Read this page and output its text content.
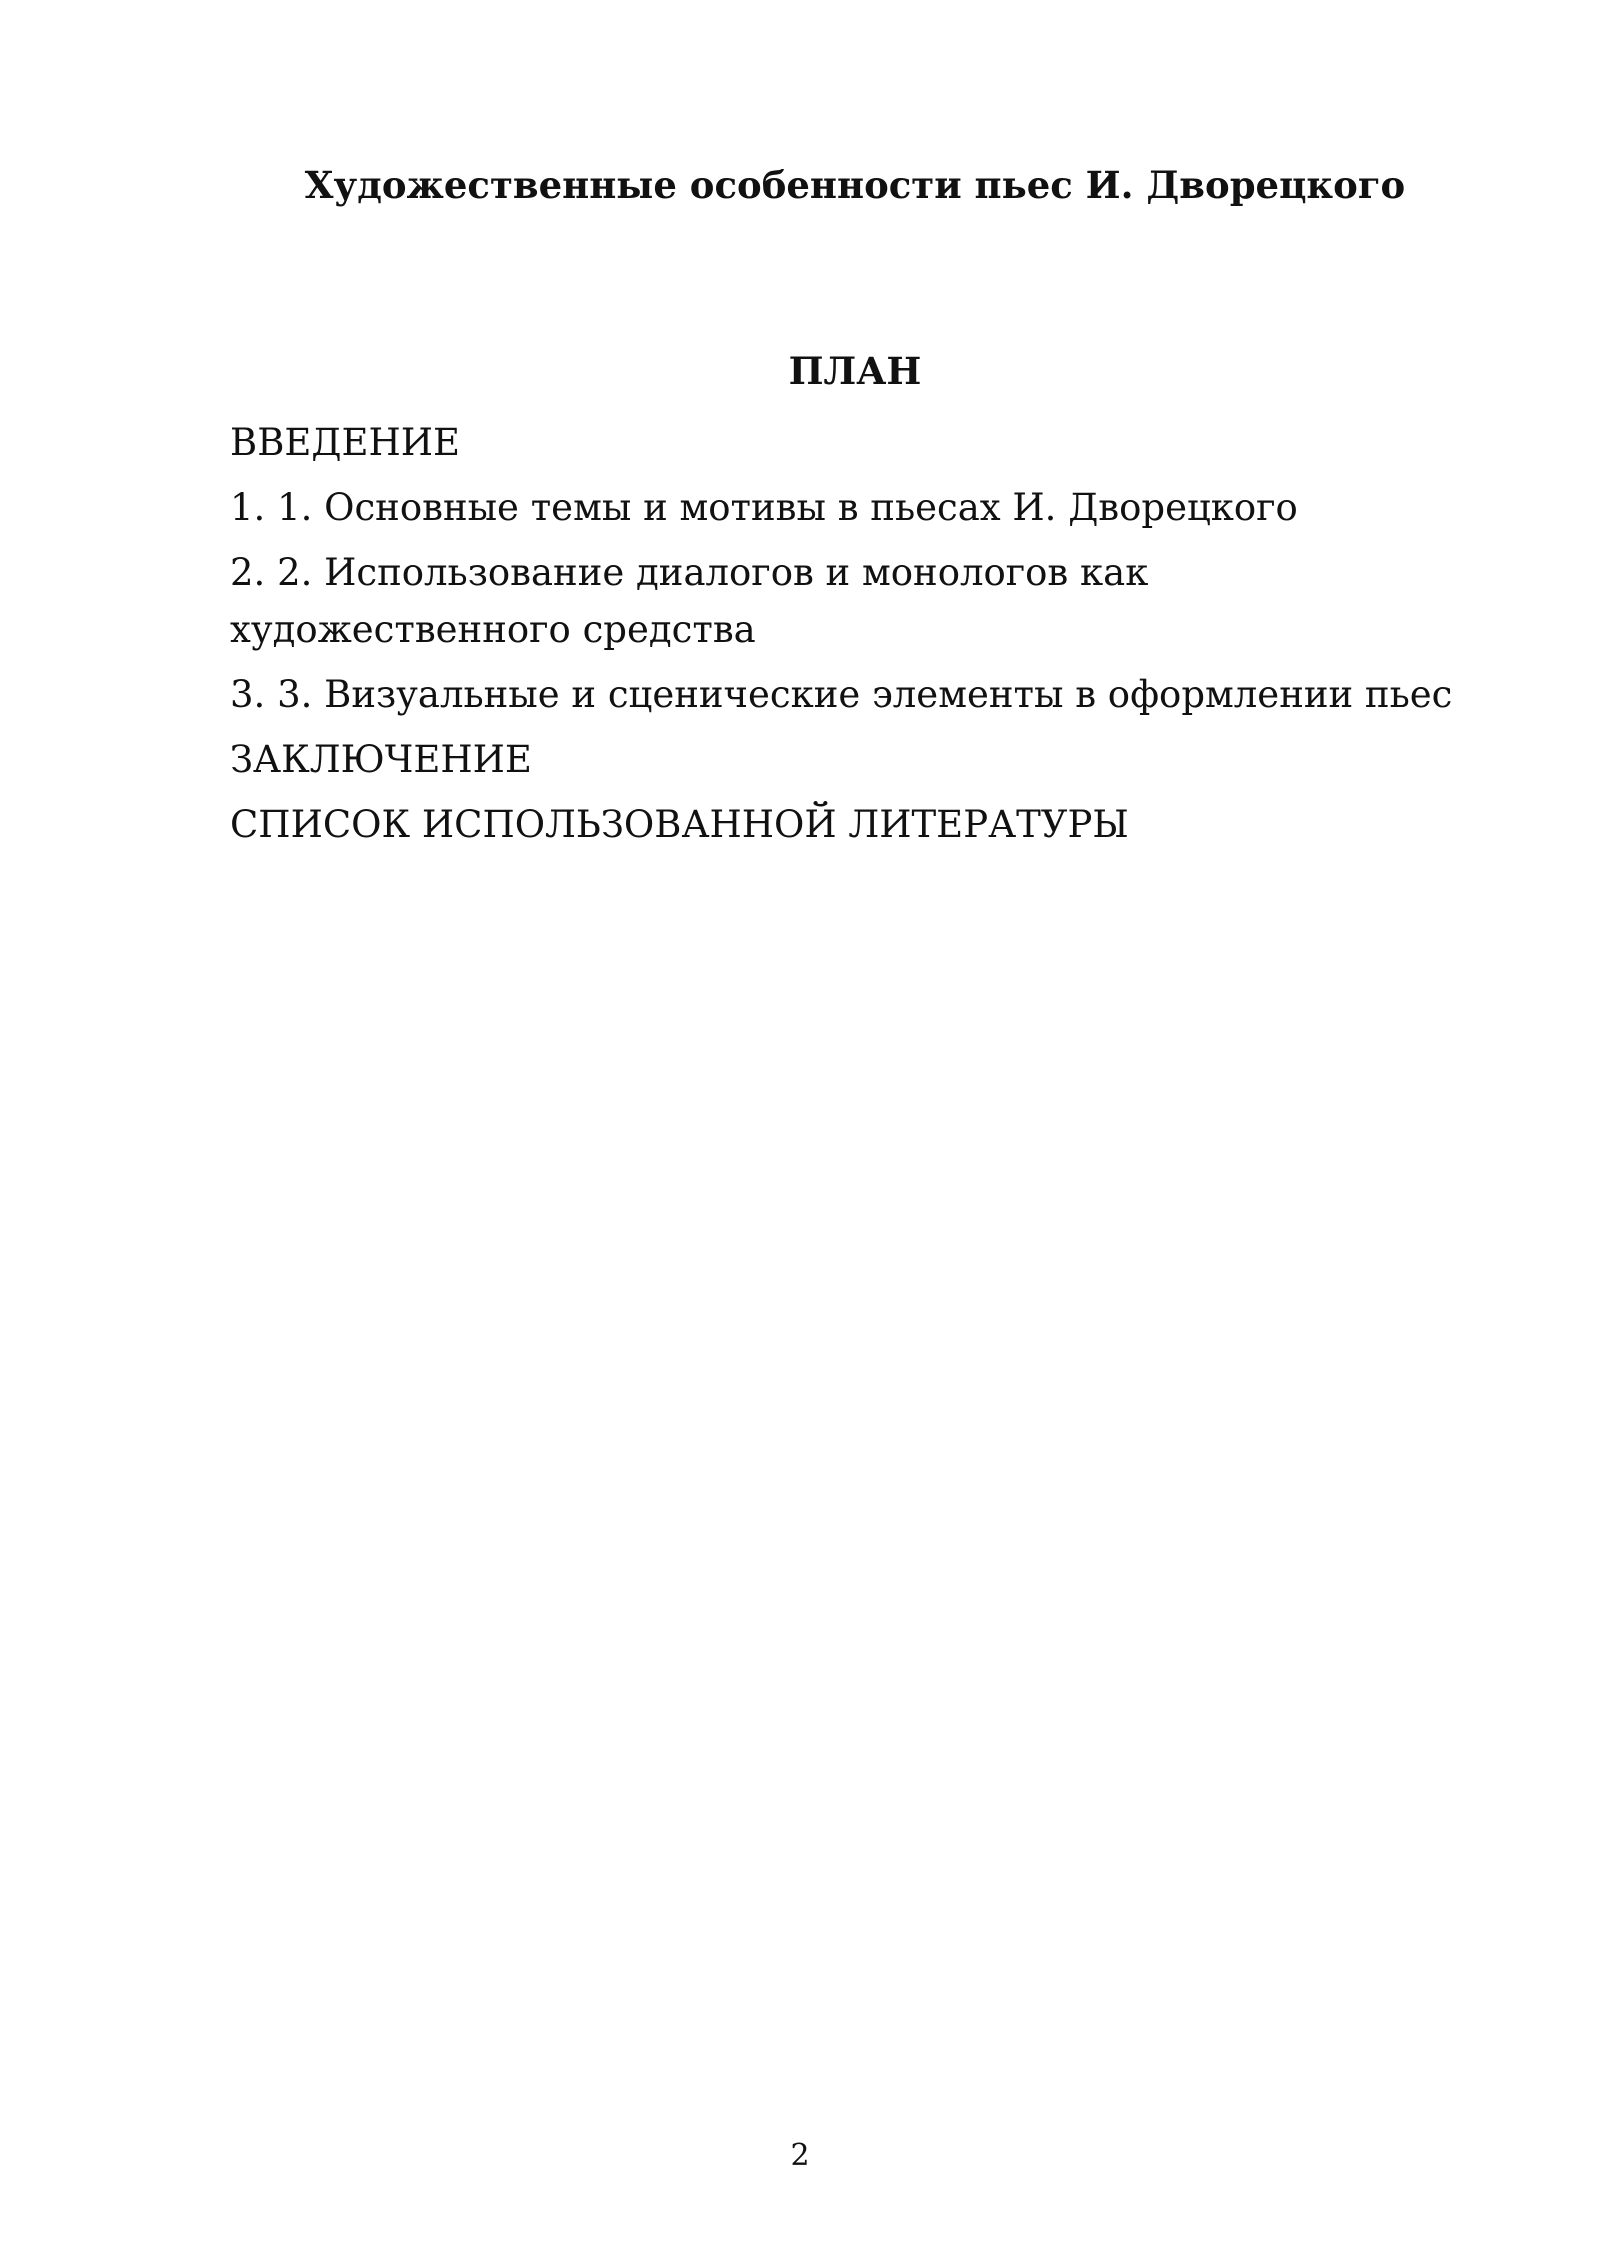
Художественные особенности пьес И. Дворецкого
ПЛАН
ВВЕДЕНИЕ
1. 1. Основные темы и мотивы в пьесах И. Дворецкого
2. 2. Использование диалогов и монологов как художественного средства
3. 3. Визуальные и сценические элементы в оформлении пьес
ЗАКЛЮЧЕНИЕ
СПИСОК ИСПОЛЬЗОВАННОЙ ЛИТЕРАТУРЫ
2
